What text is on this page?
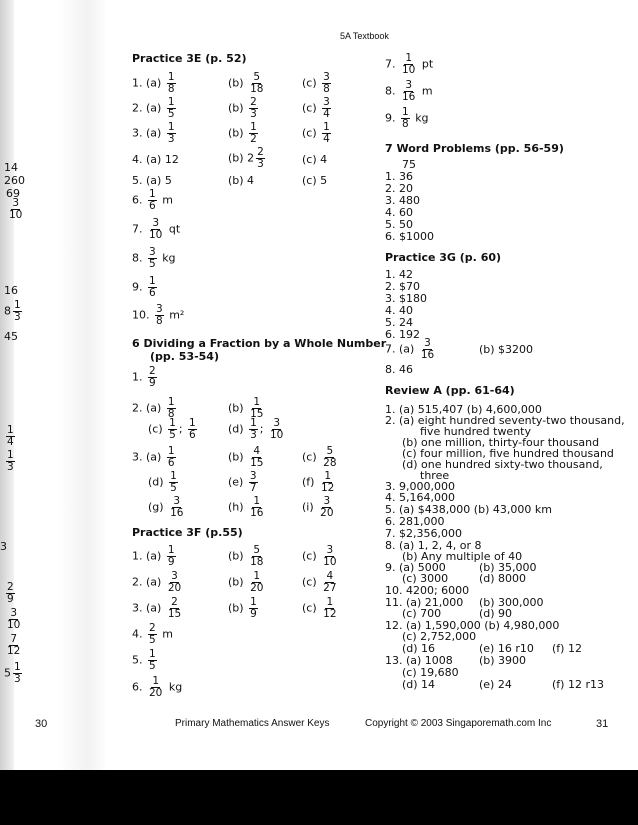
5A Textbook
14
260
69
$\frac{3}{10}$
16
$8 \frac{1}{3}$
45
$\frac{1}{4}$
$\frac{1}{3}$
3
$\frac{2}{9}$
$\frac{3}{10}$
$\frac{7}{12}$
$5 \frac{1}{3}$
Practice 3E (p. 52)
1. $(a) \frac{1}{8}$	$(b) \frac{5}{18}$	$(c) \frac{3}{8}$
2. $(a) \frac{1}{5}$	$(b) \frac{2}{3}$	$(c) \frac{3}{4}$
3. $(a) \frac{1}{3}$	$(b) \frac{1}{2}$	$(c) \frac{1}{4}$
4. (a) 12	(b) $2 \frac{2}{3}$	(c) 4
5. (a) 5	(b) 4	(c) 5
6. $\frac{1}{6}$ m
7. $\frac{3}{10}$ qt
8. $\frac{3}{5}$ kg
9. $\frac{1}{6}$
10. $\frac{3}{8} m^2$
6 Dividing a Fraction by a Whole Number
(pp. 53-54)
1. $\frac{2}{9}$
2. $(a) \frac{1}{8}$	$(b) \frac{1}{15}$
$(c) \frac{1}{5}$ ; $\frac{1}{6}$	$(d) \frac{1}{3}$ ; $\frac{3}{10}$
3. $(a) \frac{1}{6}$	$(b) \frac{4}{15}$	$(c) \frac{5}{28}$
$(d) \frac{1}{5}$	$(e) \frac{3}{7}$	$(f) \frac{1}{12}$
$(g) \frac{3}{16}$	$(h) \frac{1}{16}$	$(i) \frac{3}{20}$
Practice 3F (p.55)
1. $(a) \frac{1}{9}$	$(b) \frac{5}{18}$	$(c) \frac{3}{10}$
2. $(a) \frac{3}{20}$	$(b) \frac{1}{20}$	$(c) \frac{4}{27}$
3. $(a) \frac{2}{15}$	$(b) \frac{1}{9}$	$(c) \frac{1}{12}$
4. $\frac{2}{5}$ m
5. $\frac{1}{5}$
6. $\frac{1}{20}$ kg
7. $\frac{1}{10}$ pt
8. $\frac{3}{16}$ m
9. $\frac{1}{8}$ kg
7 Word Problems (pp. 56-59)
75
1. 36
2. 20
3. 480
4. 60
5. 50
6. $1000
Practice 3G (p. 60)
1. 42
2. $70
3. $180
4. 40
5. 24
6. 192
7. $(a) \frac{3}{16}$	(b) $3200
8. 46
Review A (pp. 61-64)
1. (a) 515,407 (b) 4,600,000
2. (a) eight hundred seventy-two thousand,
five hundred twenty
(b) one million, thirty-four thousand
(c) four million, five hundred thousand
(d) one hundred sixty-two thousand,
three
3. 9,000,000
4. 5,164,000
5. (a) $438,000 (b) 43,000 km
6. 281,000
7. $2,356,000
8. (a) 1, 2, 4, or 8
(b) Any multiple of 40
9. (a) 5000	(b) 35,000
(c) 3000	(d) 8000
10. 4200; 6000
11. (a) 21,000 (b) 300,000
(c) 700	(d) 90
12. (a) 1,590,000 (b) 4,980,000
(c) 2,752,000
(d) 16	(e) 16 r10 (f) 12
13. (a) 1008 (b) 3900
(c) 19,680
(d) 14	(e) 24	(f) 12 r13
30	Primary Mathematics Answer Keys	Copyright © 2003 Singaporemath.com Inc	31
